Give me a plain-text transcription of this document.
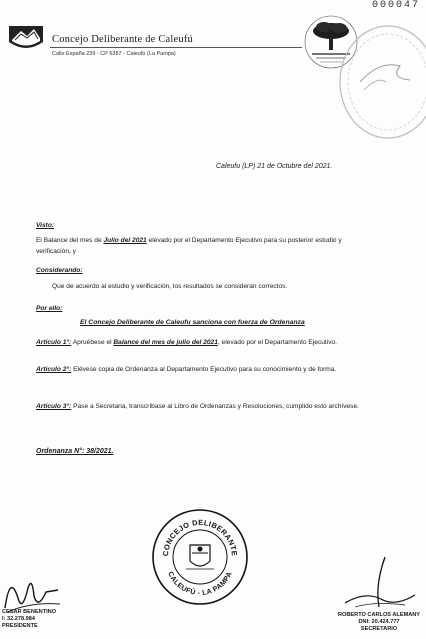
000047
Concejo Deliberante de Caleufú
Calle España 239 - CP 6387 - Caleufú (La Pampa)
Caleufu (LP) 21 de Octubre del 2021.
Visto:
El Balance del mes de Julio del 2021 elevado por el Departamento Ejecutivo para su posterior estudio y verificación, y
Considerando:
Que de acuerdo al estudio y verificación, los resultados se consideran correctos.
Por ello:
El Concejo Deliberante de Caleufu sanciona con fuerza de Ordenanza
Artículo 1°: Apruébese el Balance del mes de julio del 2021, elevado por el Departamento Ejecutivo.
Artículo 2°: Elévese copia de Ordenanza al Departamento Ejecutivo para su conocimiento y de forma.
Artículo 3°: Pase a Secretaria, transcríbase al Libro de Ordenanzas y Resoluciones, cumplido esto archívese.
Ordenanza N°: 38/2021.
CONCEJO DELIBERANTE
CALEUFÚ - LA PAMPA
CESAR BENENTINO
I: 32.278.984
PRESIDENTE
ROBERTO CARLOS ALEMANY
DNI: 20.424.777
SECRETARIO
